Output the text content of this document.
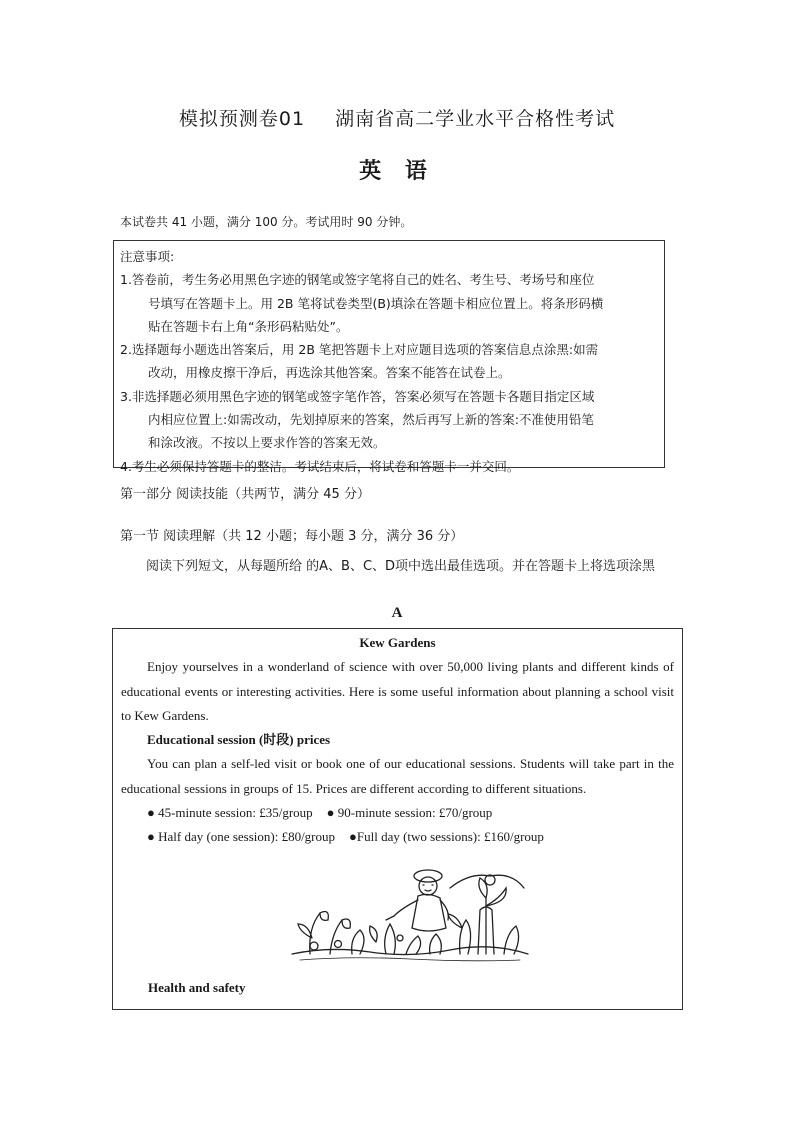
模拟预测卷01 湖南省高二学业水平合格性考试
英 语
本试卷共 41 小题，满分 100 分。考试用时 90 分钟。
注意事项:
1.答卷前，考生务必用黑色字迹的钢笔或签字笔将自己的姓名、考生号、考场号和座位
号填写在答题卡上。用 2B 笔将试卷类型(B)填涂在答题卡相应位置上。将条形码横
贴在答题卡右上角“条形码粘贴处”。
2.选择题每小题选出答案后，用 2B 笔把答题卡上对应题目选项的答案信息点涂黑:如需
改动，用橡皮擦干净后，再选涂其他答案。答案不能答在试卷上。
3.非选择题必须用黑色字迹的钢笔或签字笔作答，答案必须写在答题卡各题目指定区域
内相应位置上:如需改动，先划掉原来的答案，然后再写上新的答案:不准使用铅笔
和涂改液。不按以上要求作答的答案无效。
4.考生必须保持答题卡的整洁。考试结束后，将试卷和答题卡一并交回。
第一部分 阅读技能（共两节，满分 45 分）
第一节 阅读理解（共 12 小题；每小题 3 分，满分 36 分）
阅读下列短文，从每题所给 的A、B、C、D项中选出最佳选项。并在答题卡上将选项涂黑
A
Kew Gardens

Enjoy yourselves in a wonderland of science with over 50,000 living plants and different kinds of educational events or interesting activities. Here is some useful information about planning a school visit to Kew Gardens.

Educational session (时段) prices

You can plan a self-led visit or book one of our educational sessions. Students will take part in the educational sessions in groups of 15. Prices are different according to different situations.

● 45-minute session: £35/group ● 90-minute session: £70/group
● Half day (one session): £80/group ●Full day (two sessions): £160/group
Health and safety
